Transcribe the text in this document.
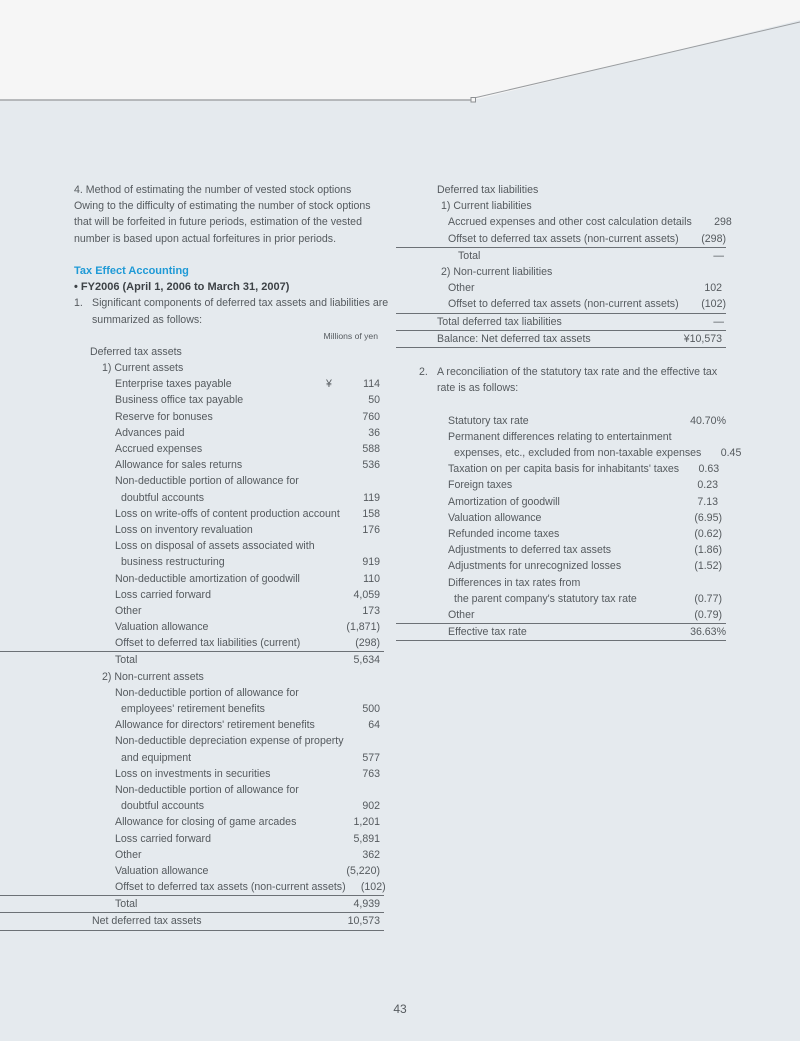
4. Method of estimating the number of vested stock options
Owing to the difficulty of estimating the number of stock options
that will be forfeited in future periods, estimation of the vested
number is based upon actual forfeitures in prior periods.
Tax Effect Accounting
• FY2006 (April 1, 2006 to March 31, 2007)
1. Significant components of deferred tax assets and liabilities are
summarized as follows:
Millions of yen
Deferred tax assets
1) Current assets
Enterprise taxes payable	¥	114
Business office tax payable	50
Reserve for bonuses	760
Advances paid	36
Accrued expenses	588
Allowance for sales returns	536
Non-deductible portion of allowance for
doubtful accounts	119
Loss on write-offs of content production account	158
Loss on inventory revaluation	176
Loss on disposal of assets associated with
business restructuring	919
Non-deductible amortization of goodwill	110
Loss carried forward	4,059
Other	173
Valuation allowance	(1,871)
Offset to deferred tax liabilities (current)	(298)
Total	5,634
2) Non-current assets
Non-deductible portion of allowance for
employees' retirement benefits	500
Allowance for directors' retirement benefits	64
Non-deductible depreciation expense of property
and equipment	577
Loss on investments in securities	763
Non-deductible portion of allowance for
doubtful accounts	902
Allowance for closing of game arcades	1,201
Loss carried forward	5,891
Other	362
Valuation allowance	(5,220)
Offset to deferred tax assets (non-current assets)	(102)
Total	4,939
Net deferred tax assets	10,573
Deferred tax liabilities
1) Current liabilities
Accrued expenses and other cost calculation details	298
Offset to deferred tax assets (non-current assets)	(298)
Total	—
2) Non-current liabilities
Other	102
Offset to deferred tax assets (non-current assets)	(102)
Total deferred tax liabilities	—
Balance: Net deferred tax assets	¥10,573
2. A reconciliation of the statutory tax rate and the effective tax
rate is as follows:
Statutory tax rate	40.70%
Permanent differences relating to entertainment
expenses, etc., excluded from non-taxable expenses	0.45
Taxation on per capita basis for inhabitants' taxes	0.63
Foreign taxes	0.23
Amortization of goodwill	7.13
Valuation allowance	(6.95)
Refunded income taxes	(0.62)
Adjustments to deferred tax assets	(1.86)
Adjustments for unrecognized losses	(1.52)
Differences in tax rates from
the parent company's statutory tax rate	(0.77)
Other	(0.79)
Effective tax rate	36.63%
43
